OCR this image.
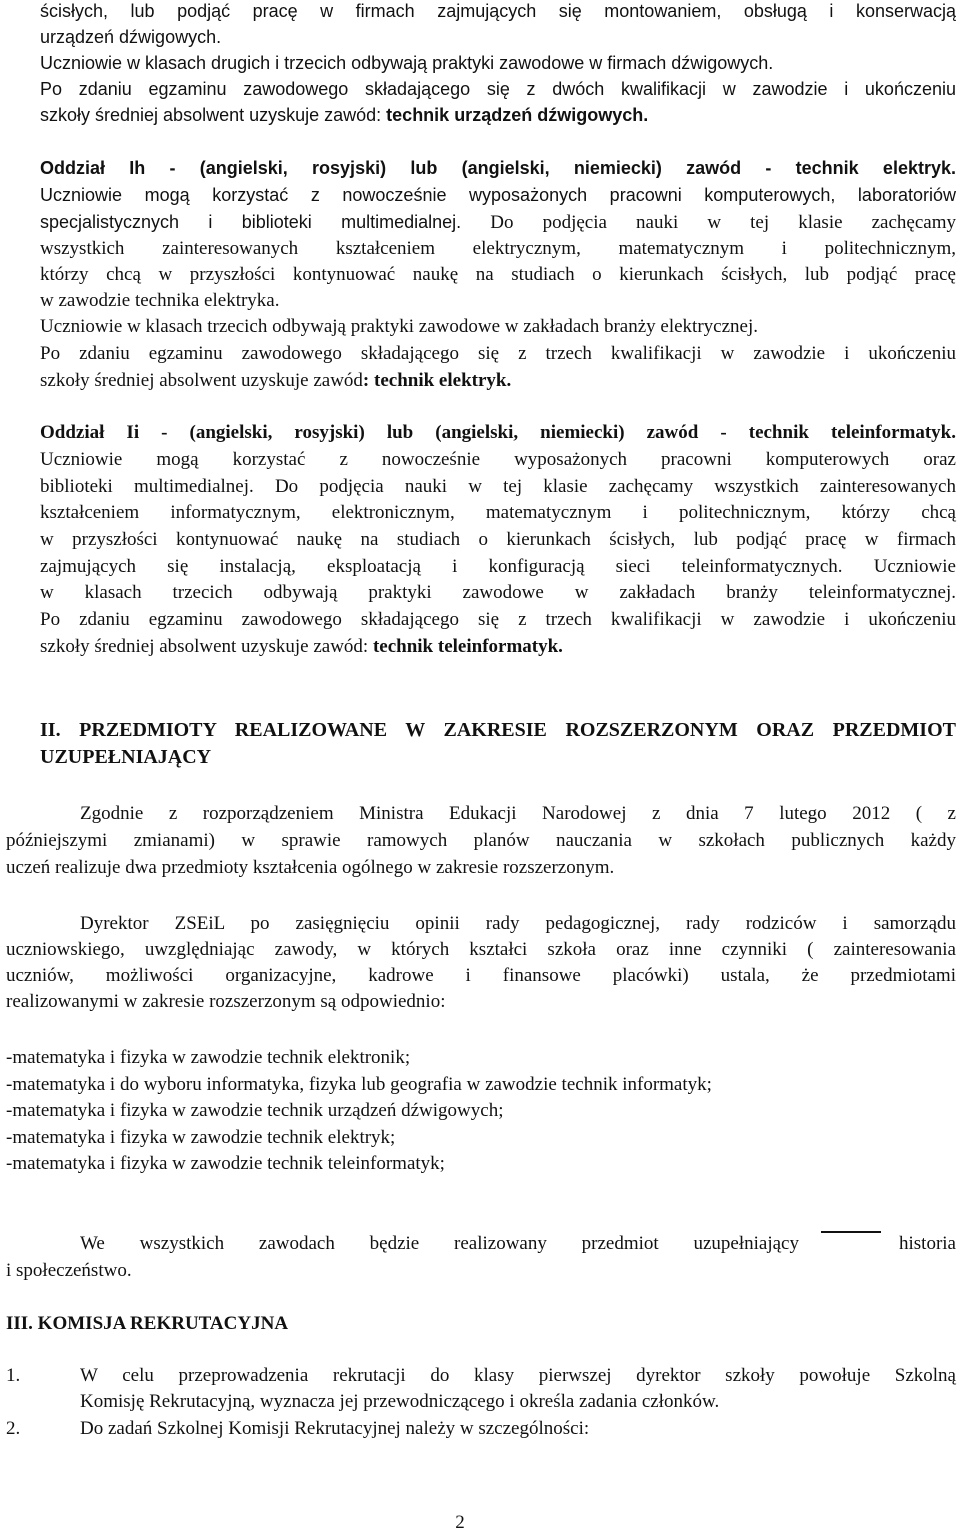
ścisłych, lub podjąć pracę w firmach zajmujących się montowaniem, obsługą i konserwacją
urządzeń dźwigowych.
Uczniowie w klasach drugich i trzecich odbywają praktyki zawodowe w firmach dźwigowych.
Po zdaniu egzaminu zawodowego składającego się z dwóch kwalifikacji w zawodzie i ukończeniu
szkoły średniej absolwent uzyskuje zawód: technik urządzeń dźwigowych.
Oddział Ih - (angielski, rosyjski) lub (angielski, niemiecki) zawód - technik elektryk.
Uczniowie mogą korzystać z nowocześnie wyposażonych pracowni komputerowych, laboratoriów
specjalistycznych i biblioteki multimedialnej. Do podjęcia nauki w tej klasie zachęcamy
wszystkich zainteresowanych kształceniem elektrycznym, matematycznym i politechnicznym,
którzy chcą w przyszłości kontynuować naukę na studiach o kierunkach ścisłych, lub podjąć pracę
w zawodzie technika elektryka.
Uczniowie w klasach trzecich odbywają praktyki zawodowe w zakładach branży elektrycznej.
Po zdaniu egzaminu zawodowego składającego się z trzech kwalifikacji w zawodzie i ukończeniu
szkoły średniej absolwent uzyskuje zawód: technik elektryk.
Oddział Ii - (angielski, rosyjski) lub (angielski, niemiecki) zawód - technik teleinformatyk.
Uczniowie mogą korzystać z nowocześnie wyposażonych pracowni komputerowych oraz
biblioteki multimedialnej. Do podjęcia nauki w tej klasie zachęcamy wszystkich zainteresowanych
kształceniem informatycznym, elektronicznym, matematycznym i politechnicznym, którzy chcą
w przyszłości kontynuować naukę na studiach o kierunkach ścisłych, lub podjąć pracę w firmach
zajmujących się instalacją, eksploatacją i konfiguracją sieci teleinformatycznych. Uczniowie
w klasach trzecich odbywają praktyki zawodowe w zakładach branży teleinformatycznej.
Po zdaniu egzaminu zawodowego składającego się z trzech kwalifikacji w zawodzie i ukończeniu
szkoły średniej absolwent uzyskuje zawód: technik teleinformatyk.
II. PRZEDMIOTY REALIZOWANE W ZAKRESIE ROZSZERZONYM ORAZ PRZEDMIOT
UZUPEŁNIAJĄCY
Zgodnie z rozporządzeniem Ministra Edukacji Narodowej z dnia 7 lutego 2012 ( z
późniejszymi zmianami) w sprawie ramowych planów nauczania w szkołach publicznych każdy
uczeń realizuje dwa przedmioty kształcenia ogólnego w zakresie rozszerzonym.
Dyrektor ZSEiL po zasięgnięciu opinii rady pedagogicznej, rady rodziców i samorządu
uczniowskiego, uwzględniając zawody, w których kształci szkoła oraz inne czynniki ( zainteresowania
uczniów, możliwości organizacyjne, kadrowe i finansowe placówki) ustala, że przedmiotami
realizowanymi w zakresie rozszerzonym są odpowiednio:
-matematyka i fizyka w zawodzie technik elektronik;
-matematyka i do wyboru informatyka, fizyka lub geografia w zawodzie technik informatyk;
-matematyka i fizyka w zawodzie technik urządzeń dźwigowych;
-matematyka i fizyka w zawodzie technik elektryk;
-matematyka i fizyka w zawodzie technik teleinformatyk;
We wszystkich zawodach będzie realizowany przedmiot uzupełniający	historia
i społeczeństwo.
III. KOMISJA REKRUTACYJNA
1.	W celu przeprowadzenia rekrutacji do klasy pierwszej dyrektor szkoły powołuje Szkolną
Komisję Rekrutacyjną, wyznacza jej przewodniczącego i określa zadania członków.
2.	Do zadań Szkolnej Komisji Rekrutacyjnej należy w szczególności:
2
